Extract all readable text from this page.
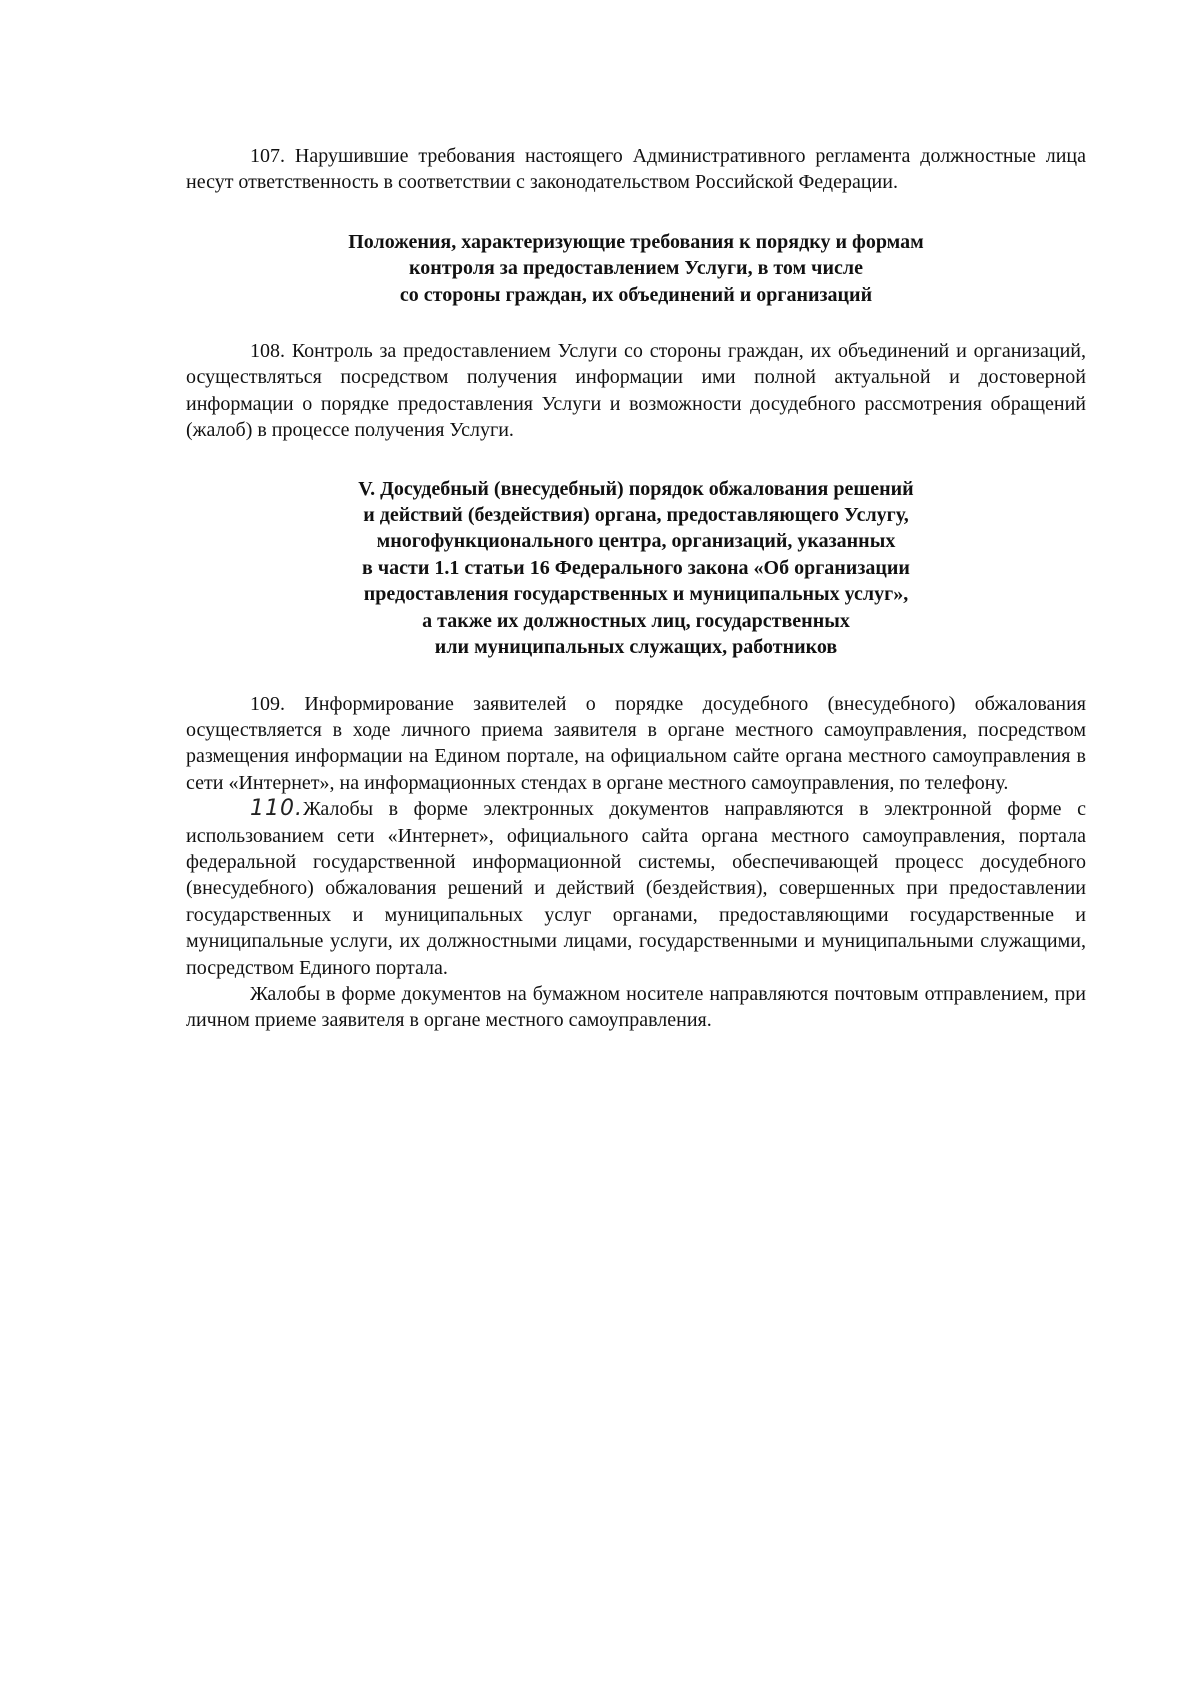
107. Нарушившие требования настоящего Административного регламента должностные лица несут ответственность в соответствии с законодательством Российской Федерации.

Положения, характеризующие требования к порядку и формам
контроля за предоставлением Услуги, в том числе
со стороны граждан, их объединений и организаций

108. Контроль за предоставлением Услуги со стороны граждан, их объединений и организаций, осуществляться посредством получения информации ими полной актуальной и достоверной информации о порядке предоставления Услуги и возможности досудебного рассмотрения обращений (жалоб) в процессе получения Услуги.

V. Досудебный (внесудебный) порядок обжалования решений
и действий (бездействия) органа, предоставляющего Услугу,
многофункционального центра, организаций, указанных
в части 1.1 статьи 16 Федерального закона «Об организации
предоставления государственных и муниципальных услуг»,
а также их должностных лиц, государственных
или муниципальных служащих, работников

109. Информирование заявителей о порядке досудебного (внесудебного) обжалования осуществляется в ходе личного приема заявителя в органе местного самоуправления, посредством размещения информации на Едином портале, на официальном сайте органа местного самоуправления в сети «Интернет», на информационных стендах в органе местного самоуправления, по телефону.

110.Жалобы в форме электронных документов направляются в электронной форме с использованием сети «Интернет», официального сайта органа местного самоуправления, портала федеральной государственной информационной системы, обеспечивающей процесс досудебного (внесудебного) обжалования решений и действий (бездействия), совершенных при предоставлении государственных и муниципальных услуг органами, предоставляющими государственные и муниципальные услуги, их должностными лицами, государственными и муниципальными служащими, посредством Единого портала.

Жалобы в форме документов на бумажном носителе направляются почтовым отправлением, при личном приеме заявителя в органе местного самоуправления.
